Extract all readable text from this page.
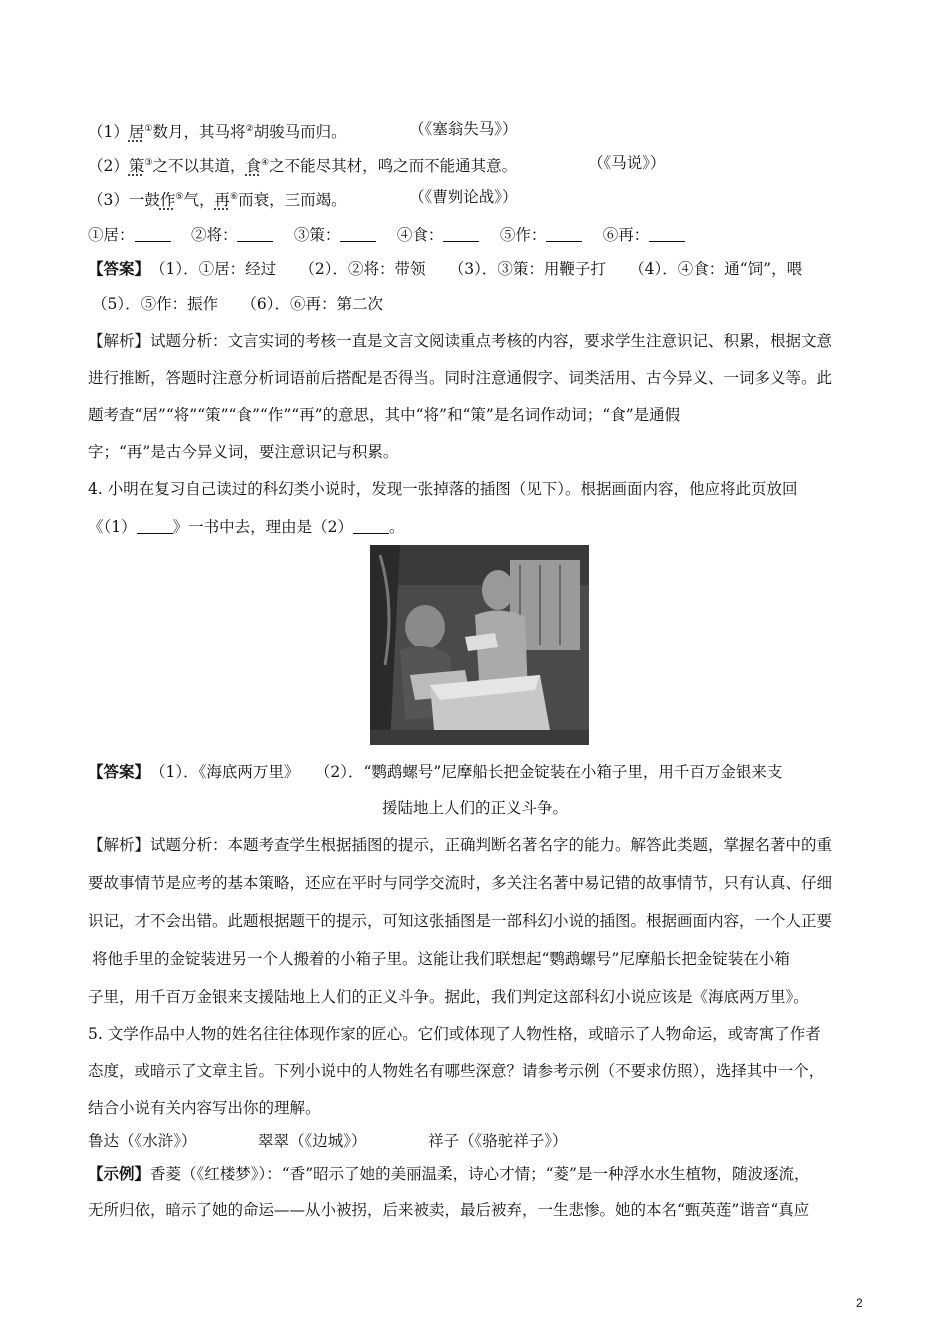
（1）居①数月，其马将②胡骏马而归。	（《塞翁失马》）
（2）策③之不以其道，食④之不能尽其材，鸣之而不能通其意。	（《马说》）
（3）一鼓作⑤气，再⑥而衰，三而竭。	（《曹刿论战》）
①居：　	②将：　	③策：　	④食：　	⑤作：　	⑥再：
【答案】　 （1）．①居：经过　　（2）．②将：带领　　（3）．③策：用鞭子打　　（4）．④食：通“饲”，喂
（5）．⑤作：振作　　（6）．⑥再：第二次
【解析】试题分析：文言实词的考核一直是文言文阅读重点考核的内容，要求学生注意识记、积累，根据文意
进行推断，答题时注意分析词语前后搭配是否得当。同时注意通假字、词类活用、古今异义、一词多义等。此
题考查“居”“将”“策”“食”“作”“再”的意思，其中“将”和“策”是名词作动词；“食”是通假
字；“再”是古今异义词，要注意识记与积累。
4. 小明在复习自己读过的科幻类小说时，发现一张掉落的插图（见下）。根据画面内容，他应将此页放回
《（1） 》一书中去，理由是（2） 。
【答案】　 （1）．《海底两万里》　　（2）．“鹦鹉螺号”尼摩船长把金锭装在小箱子里，用千百万金银来支
援陆地上人们的正义斗争。
【解析】试题分析：本题考查学生根据插图的提示，正确判断名著名字的能力。解答此类题，掌握名著中的重
要故事情节是应考的基本策略，还应在平时与同学交流时，多关注名著中易记错的故事情节，只有认真、仔细
识记，才不会出错。此题根据题干的提示，可知这张插图是一部科幻小说的插图。根据画面内容，一个人正要
将他手里的金锭装进另一个人搬着的小箱子里。这能让我们联想起“鹦鹉螺号”尼摩船长把金锭装在小箱
子里，用千百万金银来支援陆地上人们的正义斗争。据此，我们判定这部科幻小说应该是《海底两万里》。
5. 文学作品中人物的姓名往往体现作家的匠心。它们或体现了人物性格，或暗示了人物命运，或寄寓了作者
态度，或暗示了文章主旨。下列小说中的人物姓名有哪些深意？请参考示例（不要求仿照），选择其中一个，
结合小说有关内容写出你的理解。
鲁达（《水浒》）	翠翠（《边城》）	祥子（《骆驼祥子》）
【示例】香菱（《红楼梦》）：“香”昭示了她的美丽温柔，诗心才情；“菱”是一种浮水水生植物，随波逐流，
无所归依，暗示了她的命运——从小被拐，后来被卖，最后被弃，一生悲惨。她的本名“甄英莲”谐音“真应
2
